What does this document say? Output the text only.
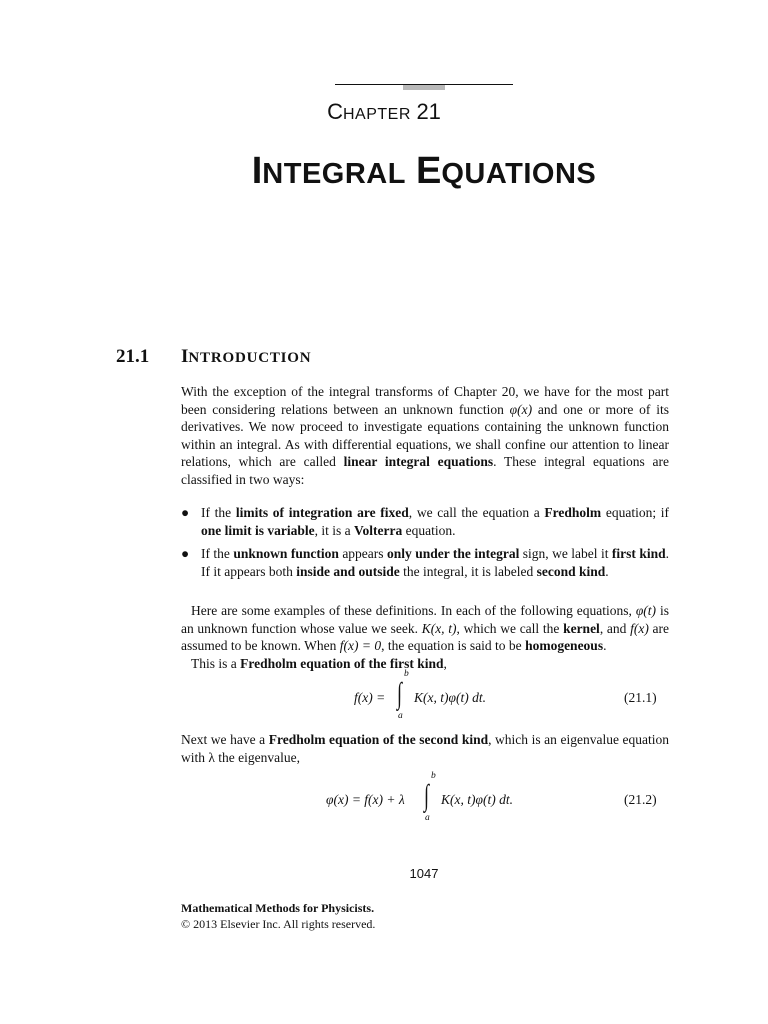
CHAPTER 21
INTEGRAL EQUATIONS
21.1 INTRODUCTION

With the exception of the integral transforms of Chapter 20, we have for the most part been considering relations between an unknown function φ(x) and one or more of its derivatives. We now proceed to investigate equations containing the unknown function within an integral. As with differential equations, we shall confine our attention to linear relations, which are called linear integral equations. These integral equations are classified in two ways:

● If the limits of integration are fixed, we call the equation a Fredholm equation; if one limit is variable, it is a Volterra equation.
● If the unknown function appears only under the integral sign, we label it first kind. If it appears both inside and outside the integral, it is labeled second kind.

Here are some examples of these definitions. In each of the following equations, φ(t) is an unknown function whose value we seek. K(x, t), which we call the kernel, and f(x) are assumed to be known. When f(x) = 0, the equation is said to be homogeneous.

This is a Fredholm equation of the first kind,

f(x) =
b
∫
a
K(x, t)φ(t) dt.	(21.1)

Next we have a Fredholm equation of the second kind, which is an eigenvalue equation with λ the eigenvalue,

φ(x) = f(x) + λ
b
∫
a
K(x, t)φ(t) dt.	(21.2)
1047
Mathematical Methods for Physicists.
© 2013 Elsevier Inc. All rights reserved.
